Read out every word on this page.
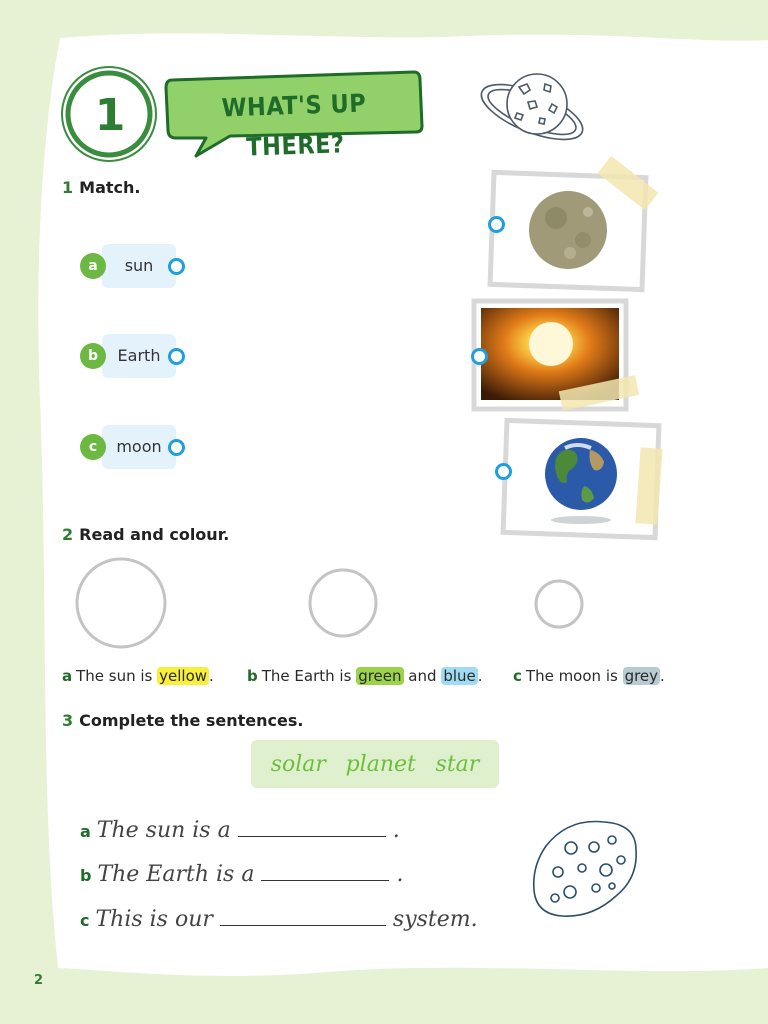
1	WHAT'S UP THERE?
1 Match.
sun
a
Earth
b
moon
c
2 Read and colour.
a The sun is yellow . b The Earth is green and blue . c The moon is grey .
3 Complete the sentences.
solar planet star
a The sun is a	.
b The Earth is a	.
c This is our	system.
2
